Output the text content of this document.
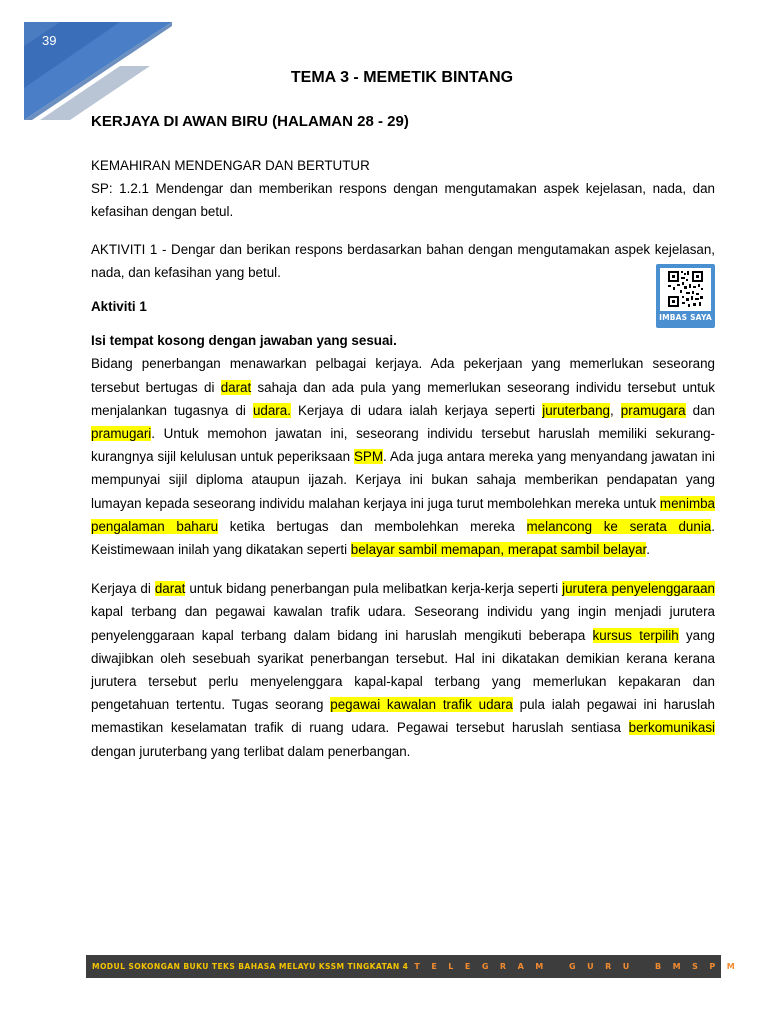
39
TEMA 3 - MEMETIK BINTANG

KERJAYA DI AWAN BIRU (HALAMAN 28 - 29)

KEMAHIRAN MENDENGAR DAN BERTUTUR

SP: 1.2.1 Mendengar dan memberikan respons dengan mengutamakan aspek kejelasan, nada, dan kefasihan dengan betul.

AKTIVITI 1 - Dengar dan berikan respons berdasarkan bahan dengan mengutamakan aspek kejelasan, nada, dan kefasihan yang betul.

Aktiviti 1

Isi tempat kosong dengan jawaban yang sesuai.

Bidang penerbangan menawarkan pelbagai kerjaya. Ada pekerjaan yang memerlukan seseorang tersebut bertugas di darat sahaja dan ada pula yang memerlukan seseorang individu tersebut untuk menjalankan tugasnya di udara. Kerjaya di udara ialah kerjaya seperti juruterbang, pramugara dan pramugari. Untuk memohon jawatan ini, seseorang individu tersebut haruslah memiliki sekurang-kurangnya sijil kelulusan untuk peperiksaan SPM. Ada juga antara mereka yang menyandang jawatan ini mempunyai sijil diploma ataupun ijazah. Kerjaya ini bukan sahaja memberikan pendapatan yang lumayan kepada seseorang individu malahan kerjaya ini juga turut membolehkan mereka untuk menimba pengalaman baharu ketika bertugas dan membolehkan mereka melancong ke serata dunia. Keistimewaan inilah yang dikatakan seperti belayar sambil memapan, merapat sambil belayar.

Kerjaya di darat untuk bidang penerbangan pula melibatkan kerja-kerja seperti jurutera penyelenggaraan kapal terbang dan pegawai kawalan trafik udara. Seseorang individu yang ingin menjadi jurutera penyelenggaraan kapal terbang dalam bidang ini haruslah mengikuti beberapa kursus terpilih yang diwajibkan oleh sesebuah syarikat penerbangan tersebut. Hal ini dikatakan demikian kerana kerana jurutera tersebut perlu menyelenggara kapal-kapal terbang yang memerlukan kepakaran dan pengetahuan tertentu. Tugas seorang pegawai kawalan trafik udara pula ialah pegawai ini haruslah memastikan keselamatan trafik di ruang udara. Pegawai tersebut haruslah sentiasa berkomunikasi dengan juruterbang yang terlibat dalam penerbangan.

IMBAS SAYA
MODUL SOKONGAN BUKU TEKS BAHASA MELAYU KSSM TINGKATAN 4 TELEGRAM GURU BMSPM
